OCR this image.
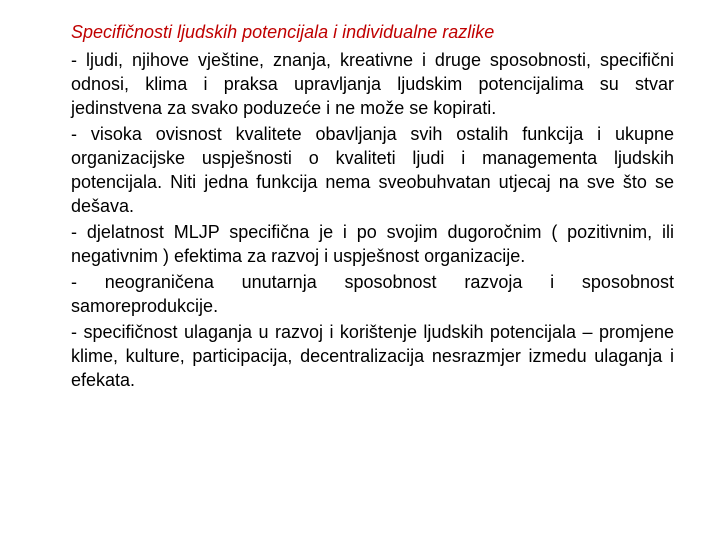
Specifičnosti ljudskih potencijala i individualne razlike

- ljudi, njihove vještine, znanja, kreativne i druge sposobnosti, specifični odnosi, klima i praksa upravljanja ljudskim potencijalima su stvar jedinstvena za svako poduzeće i ne može se kopirati.

- visoka ovisnost kvalitete obavljanja svih ostalih funkcija i ukupne organizacijske uspješnosti o kvaliteti ljudi i managementa ljudskih potencijala. Niti jedna funkcija nema sveobuhvatan utjecaj na sve što se dešava.

- djelatnost MLJP specifična je i po svojim dugoročnim ( pozitivnim, ili negativnim ) efektima za razvoj i uspješnost organizacije.

- neograničena unutarnja sposobnost razvoja i sposobnost samoreprodukcije.

- specifičnost ulaganja u razvoj i korištenje ljudskih potencijala – promjene klime, kulture, participacija, decentralizacija nesrazmjer izmedu ulaganja i efekata.
